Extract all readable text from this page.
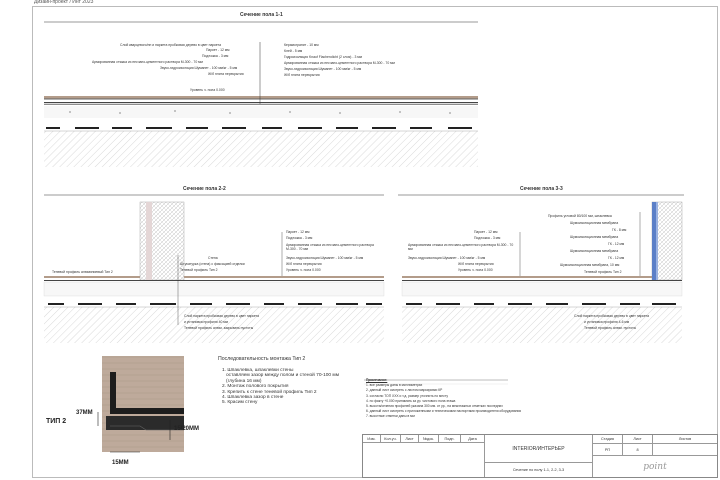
Дизайн-проект / Инт 2023
Сечение пола 1-1
Сечение пола 2-2	Сечение пола 3-3
Слой кварцевого/пп и паркета пробковая дерево в цвет паркета
Паркет - 12 мм
Подложка - 3 мм
Армированная стяжка из песчано-цементного раствора М-300 - 70 мм
Звуко-гидроизоляция Шуманет - 100 мм/кг - 5 мм
Ж/б плита перекрытия
Уровень ч. пола 0.000
Керамогранит - 10 мм
Клей - 5 мм
Гидроизоляция Knauf Flachendicht (2 слоя) - 3 мм
Армированная стяжка из песчано-цементного раствора М-300 - 70 мм
Звуко-гидроизоляция Шуманет - 100 мм/кг - 5 мм
Ж/б плита перекрытия
Теневой профиль алюминиевый Тип 2
Стена
Штукатурка (стена) с фиксацией отделки
Теневой профиль Тип 2
Паркет - 12 мм
Подложка - 3 мм
Армированная стяжка из песчано-цементного раствора М-300 - 70 мм
Звуко-гидроизоляция Шуманет - 100 мм/кг - 5 мм
Ж/б плита перекрытия
Уровень ч. пола 0.000
Слой паркета пробковая дерево в цвет паркета
и установка профиля 40 мм
Теневой профиль алюм. закрывать пустоты
Паркет - 12 мм
Подложка - 3 мм
Армированная стяжка из песчано-цементного раствора М-300 - 70 мм
Звуко-гидроизоляция Шуманет - 100 мм/кг - 5 мм
Ж/б плита перекрытия
Уровень ч. пола 0.000
Профиль угловой 80/100 мм, шпаклевка
Шумоизоляционная мембрана
ГК - 8 мм
Шумоизоляционная мембрана
ГК - 12 мм
Шумоизоляционная мембрана
ГК - 12 мм
Шумоизоляционная мембрана, 10 мм
Теневой профиль Тип 2
Слой паркета пробковая дерево в цвет паркета
и установка профиля 4-6 мм
Теневой профиль алюм. пустоты
Последовательность монтажа Тип 2
1. Шпаклевка, шпаклевки стены
оставляем зазор между полом и стеной 70-100 мм
(глубина 16 мм)
2. Монтаж полового покрытия
3. Крепить к стене теневой профиль Тип 2
4. Шпаклевка зазор в стене
5. Красим стену
ТИП 2
37ММ
15ММ
15/20ММ
Примечание:
1. все размеры даны в миллиметрах
2. данный лист смотреть с листом маркировки КР
3. согласно ТОП ХХХ и т.д. размер уточнить по месту
4. по факту +0.000 принимать за ур. чистового пола этажа
5. высота/сечения профилей указана 300 мм. от ур., на межэтажных отметках последних
6. данный лист смотреть с приложенными и техническими паспортами производителя оборудования
7. высотные отметки даны в мм
Изм.	Кол.уч.	Лист	№док.	Подп.	Дата
INTERIOR/ИНТЕРЬЕР
Сечение по полу 1-1, 2-2, 3-3
Стадия	Лист	Листов
РП	8
point
